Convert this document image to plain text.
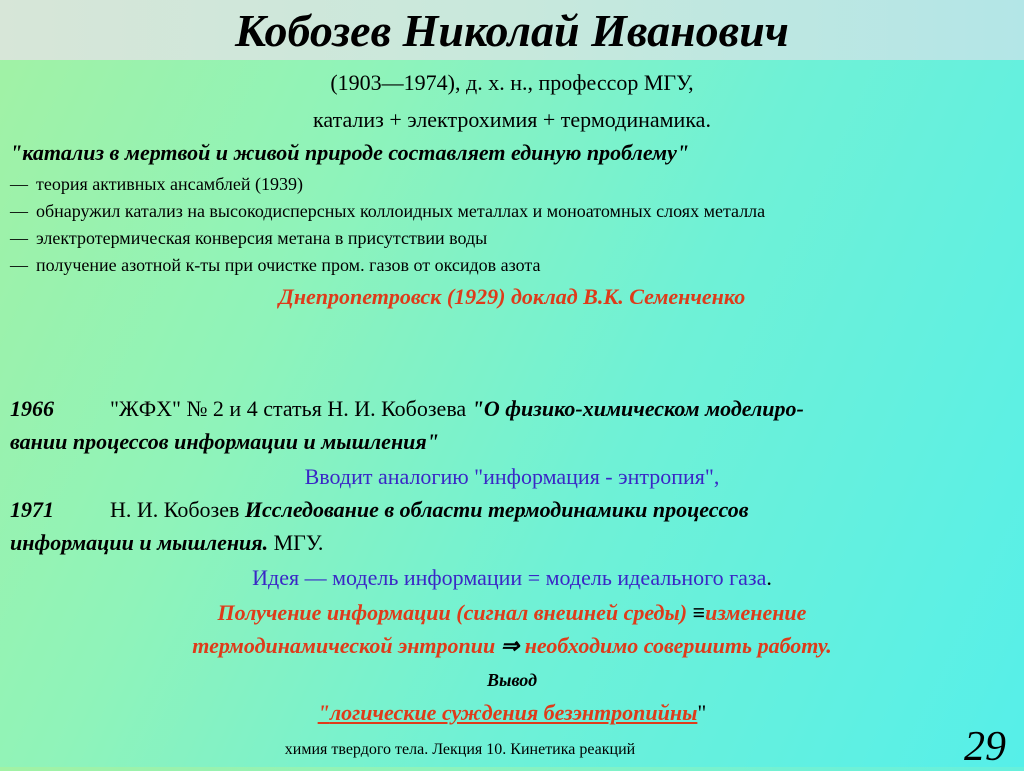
Кобозев Николай Иванович
(1903—1974), д. х. н., профессор МГУ,
катализ + электрохимия + термодинамика.
"катализ в мертвой и живой природе составляет единую проблему"
— теория активных ансамблей (1939)
— обнаружил катализ на высокодисперсных коллоидных металлах и моноатомных слоях металла
— электротермическая конверсия метана в присутствии воды
— получение азотной к-ты при очистке пром. газов от оксидов азота
Днепропетровск (1929) доклад В.К. Семенченко
1966	"ЖФХ" № 2 и 4 статья Н. И. Кобозева "О физико-химическом моделиро-
вании процессов информации и мышления"
Вводит аналогию "информация - энтропия",
1971	Н. И. Кобозев Исследование в области термодинамики процессов
информации и мышления. МГУ.
Идея — модель информации = модель идеального газа.
Получение информации (сигнал внешней среды) ≡изменение
термодинамической энтропии ⇒ необходимо совершить работу.
Вывод
"логические суждения безэнтропийны"
химия твердого тела. Лекция 10. Кинетика реакций	29
